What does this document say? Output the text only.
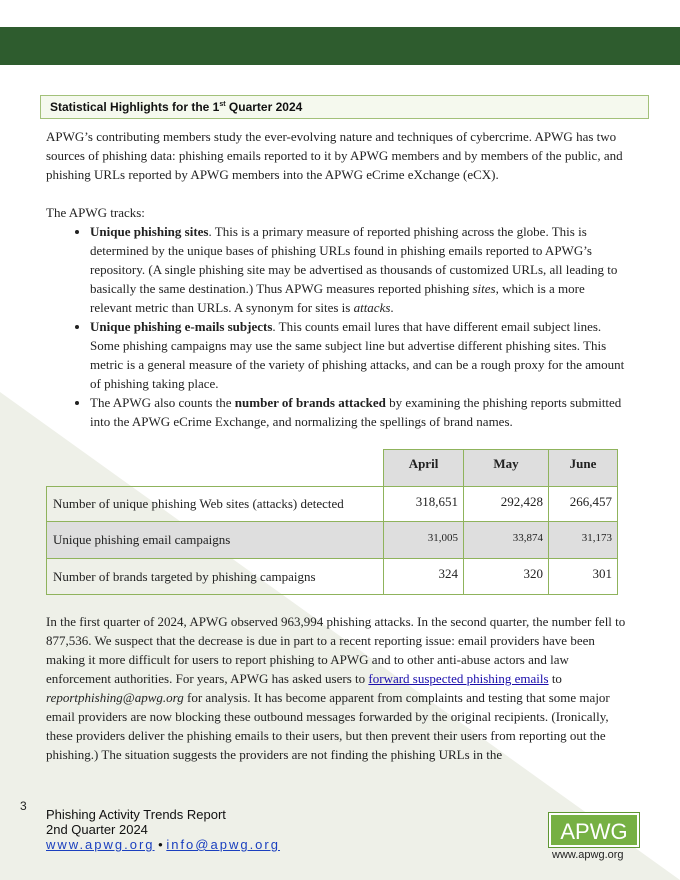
Statistical Highlights for the 1st Quarter 2024

APWG’s contributing members study the ever-evolving nature and techniques of cybercrime. APWG has two sources of phishing data: phishing emails reported to it by APWG members and by members of the public, and phishing URLs reported by APWG members into the APWG eCrime eXchange (eCX).

The APWG tracks:

• Unique phishing sites. This is a primary measure of reported phishing across the globe. This is determined by the unique bases of phishing URLs found in phishing emails reported to APWG’s repository. (A single phishing site may be advertised as thousands of customized URLs, all leading to basically the same destination.) Thus APWG measures reported phishing sites, which is a more relevant metric than URLs. A synonym for sites is attacks.
• Unique phishing e-mails subjects. This counts email lures that have different email subject lines. Some phishing campaigns may use the same subject line but advertise different phishing sites. This metric is a general measure of the variety of phishing attacks, and can be a rough proxy for the amount of phishing taking place.
• The APWG also counts the number of brands attacked by examining the phishing reports submitted into the APWG eCrime Exchange, and normalizing the spellings of brand names.
	April	May	June
Number of unique phishing Web sites (attacks) detected	318,651	292,428	266,457
Unique phishing email campaigns	31,005	33,874	31,173
Number of brands targeted by phishing campaigns	324	320	301

In the first quarter of 2024, APWG observed 963,994 phishing attacks. In the second quarter, the number fell to 877,536. We suspect that the decrease is due in part to a recent reporting issue: email providers have been making it more difficult for users to report phishing to APWG and to other anti-abuse actors and law enforcement authorities. For years, APWG has asked users to forward suspected phishing emails to reportphishing@apwg.org for analysis. It has become apparent from complaints and testing that some major email providers are now blocking these outbound messages forwarded by the original recipients. (Ironically, these providers deliver the phishing emails to their users, but then prevent their users from reporting out the phishing.) The situation suggests the providers are not finding the phishing URLs in the

3
Phishing Activity Trends Report
2nd Quarter 2024
www.apwg.org • info@apwg.org
APWG
www.apwg.org
